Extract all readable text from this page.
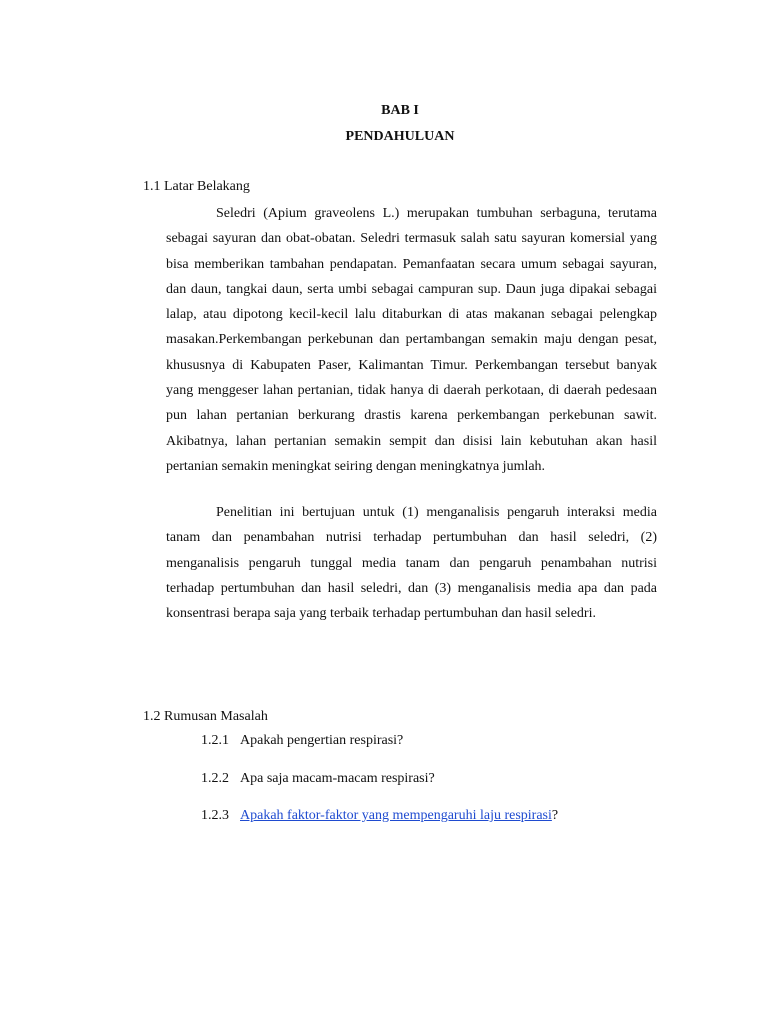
BAB I
PENDAHULUAN
1.1 Latar Belakang

Seledri (Apium graveolens L.) merupakan tumbuhan serbaguna, terutama sebagai sayuran dan obat-obatan. Seledri termasuk salah satu sayuran komersial yang bisa memberikan tambahan pendapatan. Pemanfaatan secara umum sebagai sayuran, dan daun, tangkai daun, serta umbi sebagai campuran sup. Daun juga dipakai sebagai lalap, atau dipotong kecil-kecil lalu ditaburkan di atas makanan sebagai pelengkap masakan.Perkembangan perkebunan dan pertambangan semakin maju dengan pesat, khususnya di Kabupaten Paser, Kalimantan Timur. Perkembangan tersebut banyak yang menggeser lahan pertanian, tidak hanya di daerah perkotaan, di daerah pedesaan pun lahan pertanian berkurang drastis karena perkembangan perkebunan sawit. Akibatnya, lahan pertanian semakin sempit dan disisi lain kebutuhan akan hasil pertanian semakin meningkat seiring dengan meningkatnya jumlah.

Penelitian ini bertujuan untuk (1) menganalisis pengaruh interaksi media tanam dan penambahan nutrisi terhadap pertumbuhan dan hasil seledri, (2) menganalisis pengaruh tunggal media tanam dan pengaruh penambahan nutrisi terhadap pertumbuhan dan hasil seledri, dan (3) menganalisis media apa dan pada konsentrasi berapa saja yang terbaik terhadap pertumbuhan dan hasil seledri.

1.2 Rumusan Masalah
1.2.1 Apakah pengertian respirasi?
1.2.2 Apa saja macam-macam respirasi?
1.2.3 Apakah faktor-faktor yang mempengaruhi laju respirasi?
